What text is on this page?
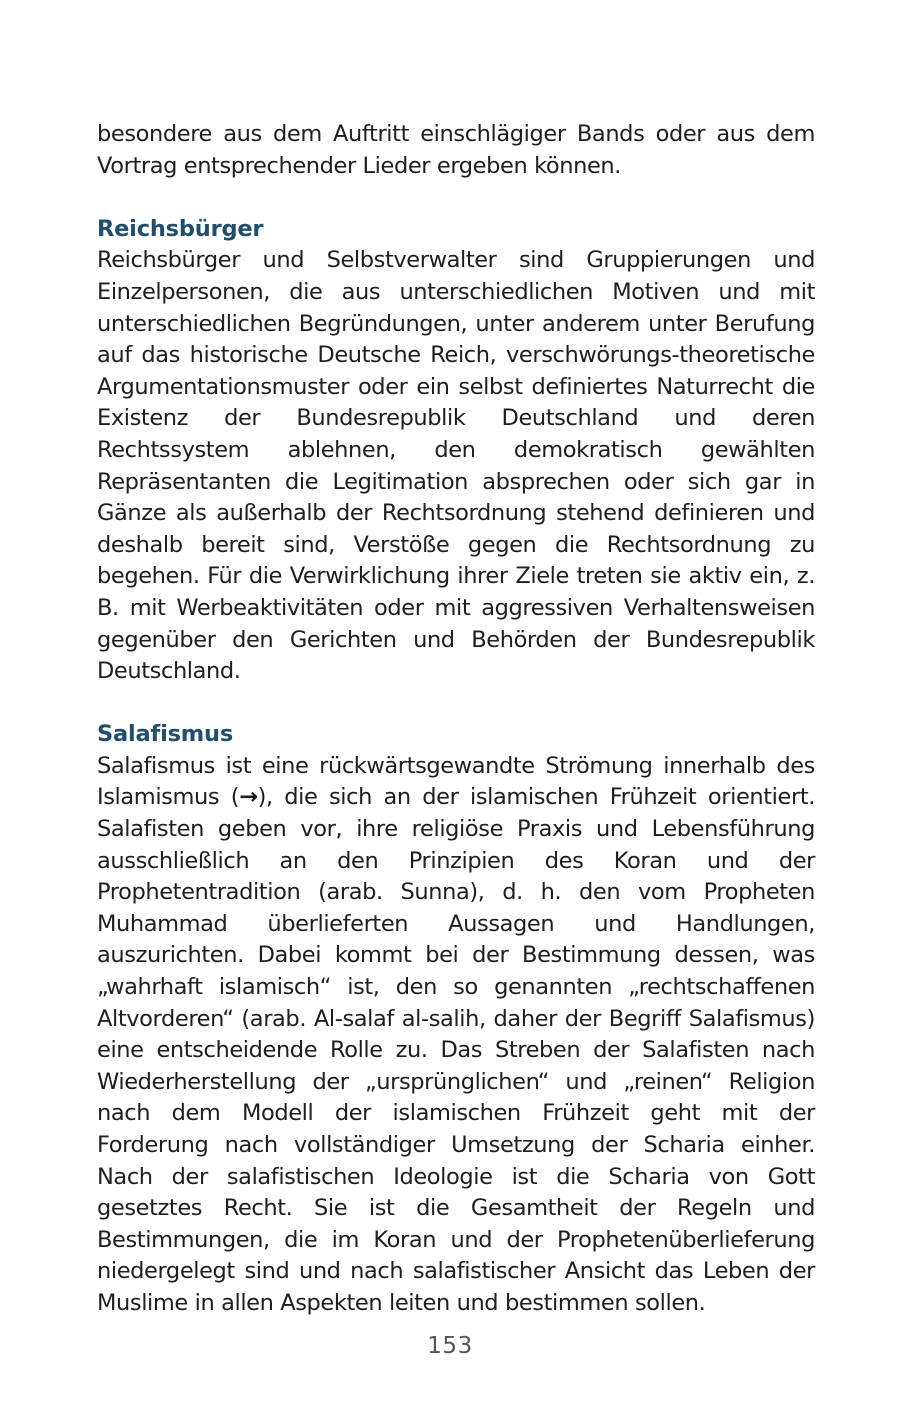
besondere aus dem Auftritt einschlägiger Bands oder aus dem Vortrag entsprechender Lieder ergeben können.

Reichsbürger

Reichsbürger und Selbstverwalter sind Gruppierungen und Einzelpersonen, die aus unterschiedlichen Motiven und mit unterschiedlichen Begründungen, unter anderem unter Berufung auf das historische Deutsche Reich, verschwörungs-theoretische Argumentationsmuster oder ein selbst definiertes Naturrecht die Existenz der Bundesrepublik Deutschland und deren Rechtssystem ablehnen, den demokratisch gewählten Repräsentanten die Legitimation absprechen oder sich gar in Gänze als außerhalb der Rechtsordnung stehend definieren und deshalb bereit sind, Verstöße gegen die Rechtsordnung zu begehen. Für die Verwirklichung ihrer Ziele treten sie aktiv ein, z. B. mit Werbeaktivitäten oder mit aggressiven Verhaltensweisen gegenüber den Gerichten und Behörden der Bundesrepublik Deutschland.

Salafismus

Salafismus ist eine rückwärtsgewandte Strömung innerhalb des Islamismus (→), die sich an der islamischen Frühzeit orientiert. Salafisten geben vor, ihre religiöse Praxis und Lebensführung ausschließlich an den Prinzipien des Koran und der Prophetentradition (arab. Sunna), d. h. den vom Propheten Muhammad überlieferten Aussagen und Handlungen, auszurichten. Dabei kommt bei der Bestimmung dessen, was „wahrhaft islamisch“ ist, den so genannten „rechtschaffenen Altvorderen“ (arab. Al-salaf al-salih, daher der Begriff Salafismus) eine entscheidende Rolle zu. Das Streben der Salafisten nach Wiederherstellung der „ursprünglichen“ und „reinen“ Religion nach dem Modell der islamischen Frühzeit geht mit der Forderung nach vollständiger Umsetzung der Scharia einher. Nach der salafistischen Ideologie ist die Scharia von Gott gesetztes Recht. Sie ist die Gesamtheit der Regeln und Bestimmungen, die im Koran und der Prophetenüberlieferung niedergelegt sind und nach salafistischer Ansicht das Leben der Muslime in allen Aspekten leiten und bestimmen sollen.

153
